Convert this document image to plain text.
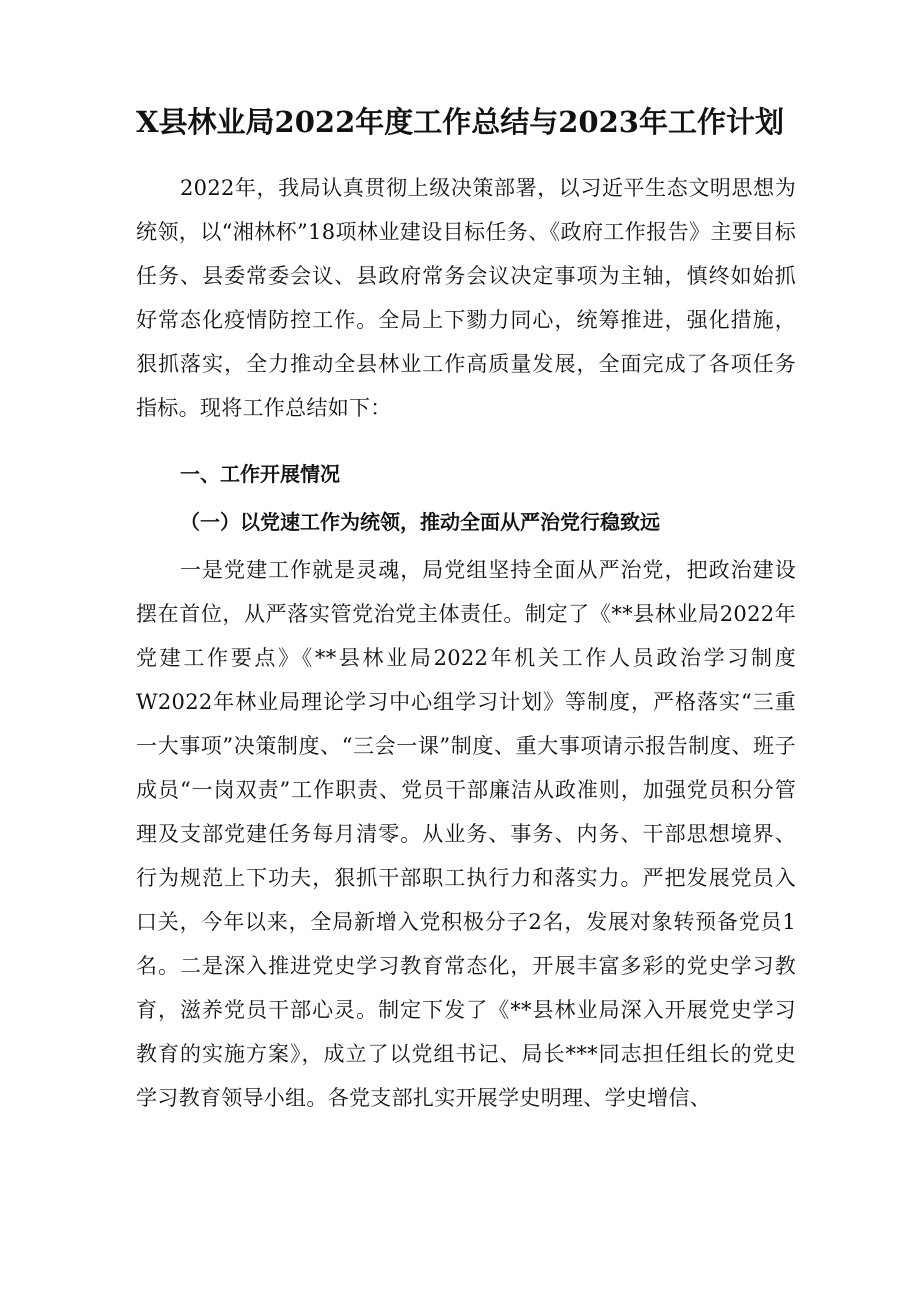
X县林业局2022年度工作总结与2023年工作计划
2022年，我局认真贯彻上级决策部署，以习近平生态文明思想为统领，以“湘林杯”18项林业建设目标任务、《政府工作报告》主要目标任务、县委常委会议、县政府常务会议决定事项为主轴，慎终如始抓好常态化疫情防控工作。全局上下勠力同心，统筹推进，强化措施，狠抓落实，全力推动全县林业工作高质量发展，全面完成了各项任务指标。现将工作总结如下：
一、工作开展情况
（一）以党速工作为统领，推动全面从严治党行稳致远
一是党建工作就是灵魂，局党组坚持全面从严治党，把政治建设摆在首位，从严落实管党治党主体责任。制定了《**县林业局2022年党建工作要点》《**县林业局2022年机关工作人员政治学习制度W2022年林业局理论学习中心组学习计划》等制度，严格落实“三重一大事项”决策制度、“三会一课”制度、重大事项请示报告制度、班子成员“一岗双责”工作职责、党员干部廉洁从政准则，加强党员积分管理及支部党建任务每月清零。从业务、事务、内务、干部思想境界、行为规范上下功夫，狠抓干部职工执行力和落实力。严把发展党员入口关，今年以来，全局新增入党积极分子2名，发展对象转预备党员1名。二是深入推进党史学习教育常态化，开展丰富多彩的党史学习教育，滋养党员干部心灵。制定下发了《**县林业局深入开展党史学习教育的实施方案》，成立了以党组书记、局长***同志担任组长的党史学习教育领导小组。各党支部扎实开展学史明理、学史增信、
